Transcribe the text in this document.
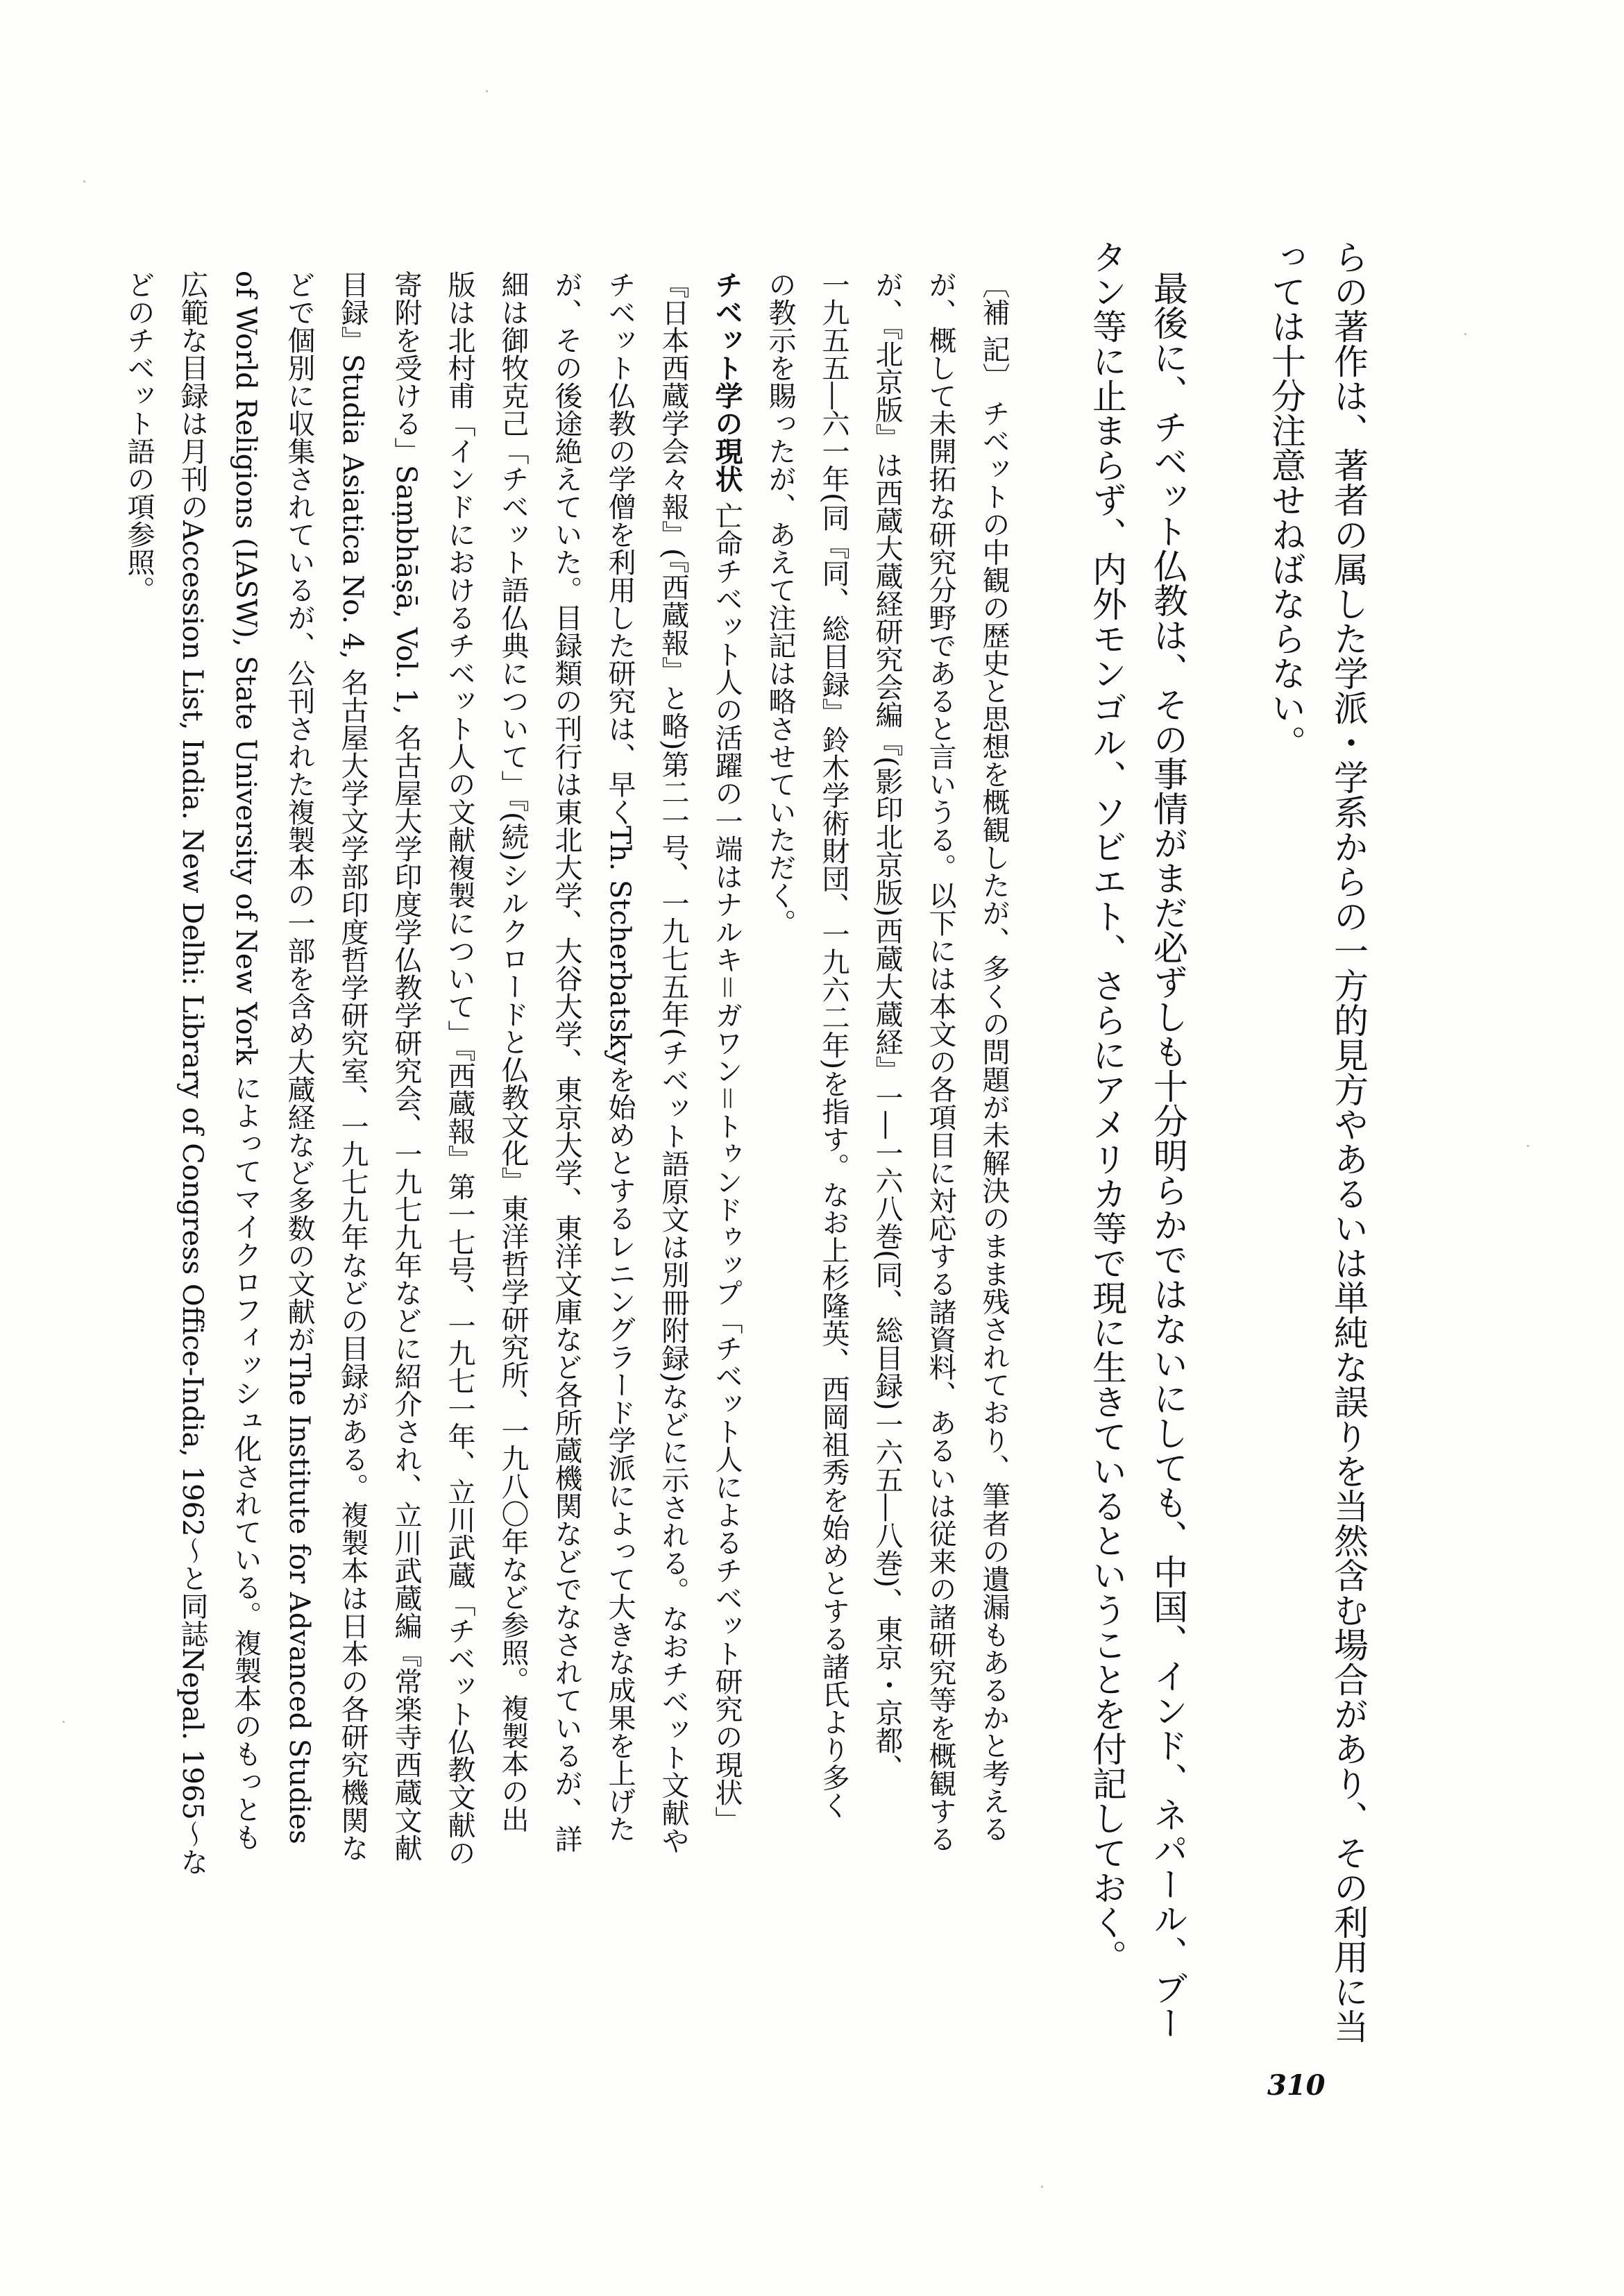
らの著作は、著者の属した学派・学系からの一方的見方やあるいは単純な誤りを当然含む場合があり、その利用に当
っては十分注意せねばならない。
最後に、チベット仏教は、その事情がまだ必ずしも十分明らかではないにしても、中国、インド、ネパール、ブー
タン等に止まらず、内外モンゴル、ソビエト、さらにアメリカ等で現に生きているということを付記しておく。
〔補 記〕 チベットの中観の歴史と思想を概観したが、多くの問題が未解決のまま残されており、筆者の遺漏もあるかと考える
が、概して未開拓な研究分野であると言いうる。以下には本文の各項目に対応する諸資料、あるいは従来の諸研究等を概観する
が、『北京版』は西蔵大蔵経研究会編『(影印北京版)西蔵大蔵経』一―一六八巻(同、総目録)一六五―八巻)、東京・京都、
一九五五―六一年(同『同、総目録』鈴木学術財団、一九六二年)を指す。なお上杉隆英、西岡祖秀を始めとする諸氏より多く
の教示を賜ったが、あえて注記は略させていただく。
チベット学の現状 亡命チベット人の活躍の一端はナルキ＝ガワン＝トゥンドゥップ「チベット人によるチベット研究の現状」
『日本西蔵学会々報』(『西蔵報』と略)第二一号、一九七五年(チベット語原文は別冊附録)などに示される。なおチベット文献や
チベット仏教の学僧を利用した研究は、早くTh. Stcherbatskyを始めとするレニングラード学派によって大きな成果を上げた
が、その後途絶えていた。目録類の刊行は東北大学、大谷大学、東京大学、東洋文庫など各所蔵機関などでなされているが、詳
細は御牧克己「チベット語仏典について」『(続)シルクロードと仏教文化』東洋哲学研究所、一九八〇年など参照。複製本の出
版は北村甫「インドにおけるチベット人の文献複製について」『西蔵報』第一七号、一九七一年、立川武蔵「チベット仏教文献の
寄附を受ける」Saṃbhāṣā, Vol. 1, 名古屋大学印度学仏教学研究会、一九七九年などに紹介され、立川武蔵編『常楽寺西蔵文献
目録』Studia Asiatica No. 4, 名古屋大学文学部印度哲学研究室、一九七九年などの目録がある。複製本は日本の各研究機関な
どで個別に収集されているが、公刊された複製本の一部を含め大蔵経など多数の文献がThe Institute for Advanced Studies
of World Religions (IASW), State University of New York によってマイクロフィッシュ化されている。複製本のもっとも
広範な目録は月刊のAccession List, India. New Delhi: Library of Congress Office-India, 1962〜と同誌Nepal. 1965〜な
どのチベット語の項参照。
310
